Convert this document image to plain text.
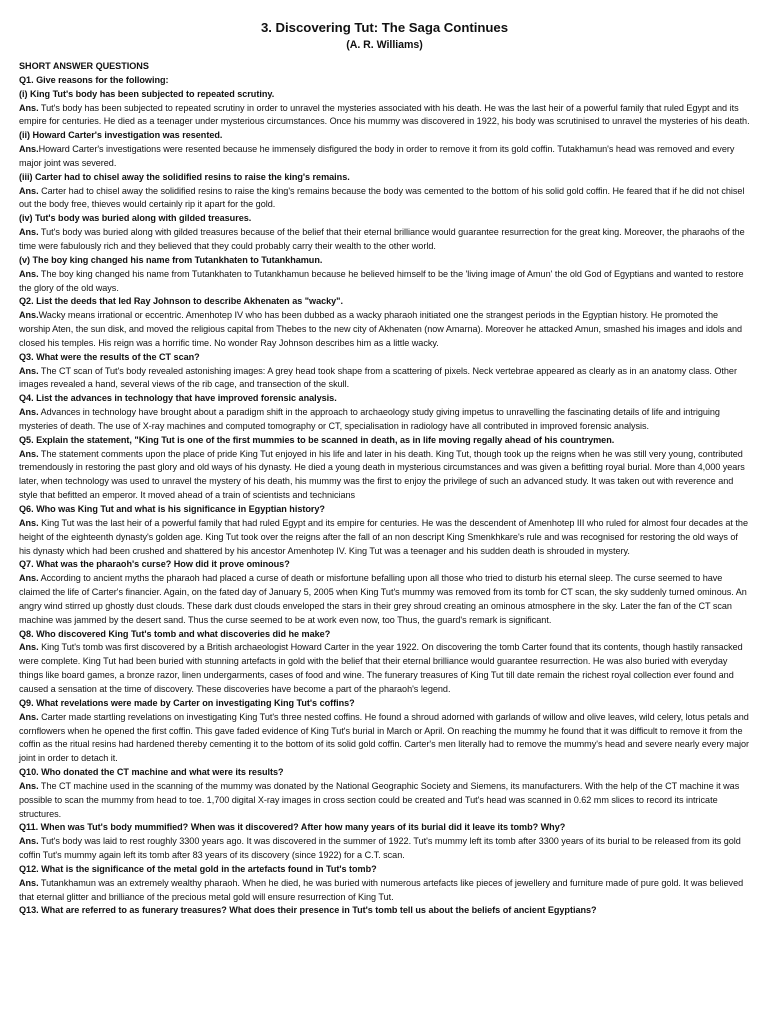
3. Discovering Tut: The Saga Continues

(A. R. Williams)

SHORT ANSWER QUESTIONS

Q1. Give reasons for the following:

(i) King Tut's body has been subjected to repeated scrutiny.

Ans. Tut's body has been subjected to repeated scrutiny in order to unravel the mysteries associated with his death. He was the last heir of a powerful family that ruled Egypt and its empire for centuries. He died as a teenager under mysterious circumstances. Once his mummy was discovered in 1922, his body was scrutinised to unravel the mysteries of his death.

(ii) Howard Carter's investigation was resented.

Ans.Howard Carter's investigations were resented because he immensely disfigured the body in order to remove it from its gold coffin. Tutakhamun's head was removed and every major joint was severed.

(iii) Carter had to chisel away the solidified resins to raise the king's remains.

Ans. Carter had to chisel away the solidified resins to raise the king's remains because the body was cemented to the bottom of his solid gold coffin. He feared that if he did not chisel out the body free, thieves would certainly rip it apart for the gold.

(iv) Tut's body was buried along with gilded treasures.

Ans. Tut's body was buried along with gilded treasures because of the belief that their eternal brilliance would guarantee resurrection for the great king. Moreover, the pharaohs of the time were fabulously rich and they believed that they could probably carry their wealth to the other world.

(v) The boy king changed his name from Tutankhaten to Tutankhamun.

Ans. The boy king changed his name from Tutankhaten to Tutankhamun because he believed himself to be the 'living image of Amun' the old God of Egyptians and wanted to restore the glory of the old ways.

Q2. List the deeds that led Ray Johnson to describe Akhenaten as "wacky".

Ans.Wacky means irrational or eccentric. Amenhotep IV who has been dubbed as a wacky pharaoh initiated one the strangest periods in the Egyptian history. He promoted the worship Aten, the sun disk, and moved the religious capital from Thebes to the new city of Akhenaten (now Amarna). Moreover he attacked Amun, smashed his images and idols and closed his temples. His reign was a horrific time. No wonder Ray Johnson describes him as a little wacky.

Q3. What were the results of the CT scan?

Ans. The CT scan of Tut's body revealed astonishing images: A grey head took shape from a scattering of pixels. Neck vertebrae appeared as clearly as in an anatomy class. Other images revealed a hand, several views of the rib cage, and transection of the skull.

Q4. List the advances in technology that have improved forensic analysis.

Ans. Advances in technology have brought about a paradigm shift in the approach to archaeology study giving impetus to unravelling the fascinating details of life and intriguing mysteries of death. The use of X-ray machines and computed tomography or CT, specialisation in radiology have all contributed in improved forensic analysis.

Q5. Explain the statement, "King Tut is one of the first mummies to be scanned in death, as in life moving regally ahead of his countrymen.

Ans. The statement comments upon the place of pride King Tut enjoyed in his life and later in his death. King Tut, though took up the reigns when he was still very young, contributed tremendously in restoring the past glory and old ways of his dynasty. He died a young death in mysterious circumstances and was given a befitting royal burial. More than 4,000 years later, when technology was used to unravel the mystery of his death, his mummy was the first to enjoy the privilege of such an advanced study. It was taken out with reverence and style that befitted an emperor. It moved ahead of a train of scientists and technicians

Q6. Who was King Tut and what is his significance in Egyptian history?

Ans. King Tut was the last heir of a powerful family that had ruled Egypt and its empire for centuries. He was the descendent of Amenhotep III who ruled for almost four decades at the height of the eighteenth dynasty's golden age. King Tut took over the reigns after the fall of an non descript King Smenkhkare's rule and was recognised for restoring the old ways of his dynasty which had been crushed and shattered by his ancestor Amenhotep IV. King Tut was a teenager and his sudden death is shrouded in mystery.

Q7. What was the pharaoh's curse? How did it prove ominous?

Ans. According to ancient myths the pharaoh had placed a curse of death or misfortune befalling upon all those who tried to disturb his eternal sleep. The curse seemed to have claimed the life of Carter's financier. Again, on the fated day of January 5, 2005 when King Tut's mummy was removed from its tomb for CT scan, the sky suddenly turned ominous. An angry wind stirred up ghostly dust clouds. These dark dust clouds enveloped the stars in their grey shroud creating an ominous atmosphere in the sky. Later the fan of the CT scan machine was jammed by the desert sand. Thus the curse seemed to be at work even now, too Thus, the guard's remark is significant.

Q8. Who discovered King Tut's tomb and what discoveries did he make?

Ans. King Tut's tomb was first discovered by a British archaeologist Howard Carter in the year 1922. On discovering the tomb Carter found that its contents, though hastily ransacked were complete. King Tut had been buried with stunning artefacts in gold with the belief that their eternal brilliance would guarantee resurrection. He was also buried with everyday things like board games, a bronze razor, linen undergarments, cases of food and wine. The funerary treasures of King Tut till date remain the richest royal collection ever found and caused a sensation at the time of discovery. These discoveries have become a part of the pharaoh's legend.

Q9. What revelations were made by Carter on investigating King Tut's coffins?

Ans. Carter made startling revelations on investigating King Tut's three nested coffins. He found a shroud adorned with garlands of willow and olive leaves, wild celery, lotus petals and cornflowers when he opened the first coffin. This gave faded evidence of King Tut's burial in March or April. On reaching the mummy he found that it was difficult to remove it from the coffin as the ritual resins had hardened thereby cementing it to the bottom of its solid gold coffin. Carter's men literally had to remove the mummy's head and severe nearly every major joint in order to detach it.

Q10. Who donated the CT machine and what were its results?

Ans. The CT machine used in the scanning of the mummy was donated by the National Geographic Society and Siemens, its manufacturers. With the help of the CT machine it was possible to scan the mummy from head to toe. 1,700 digital X-ray images in cross section could be created and Tut's head was scanned in 0.62 mm slices to record its intricate structures.

Q11. When was Tut's body mummified? When was it discovered? After how many years of its burial did it leave its tomb? Why?

Ans. Tut's body was laid to rest roughly 3300 years ago. It was discovered in the summer of 1922. Tut's mummy left its tomb after 3300 years of its burial to be released from its gold coffin Tut's mummy again left its tomb after 83 years of its discovery (since 1922) for a C.T. scan.

Q12. What is the significance of the metal gold in the artefacts found in Tut's tomb?

Ans. Tutankhamun was an extremely wealthy pharaoh. When he died, he was buried with numerous artefacts like pieces of jewellery and furniture made of pure gold. It was believed that eternal glitter and brilliance of the precious metal gold will ensure resurrection of King Tut.

Q13. What are referred to as funerary treasures? What does their presence in Tut's tomb tell us about the beliefs of ancient Egyptians?
